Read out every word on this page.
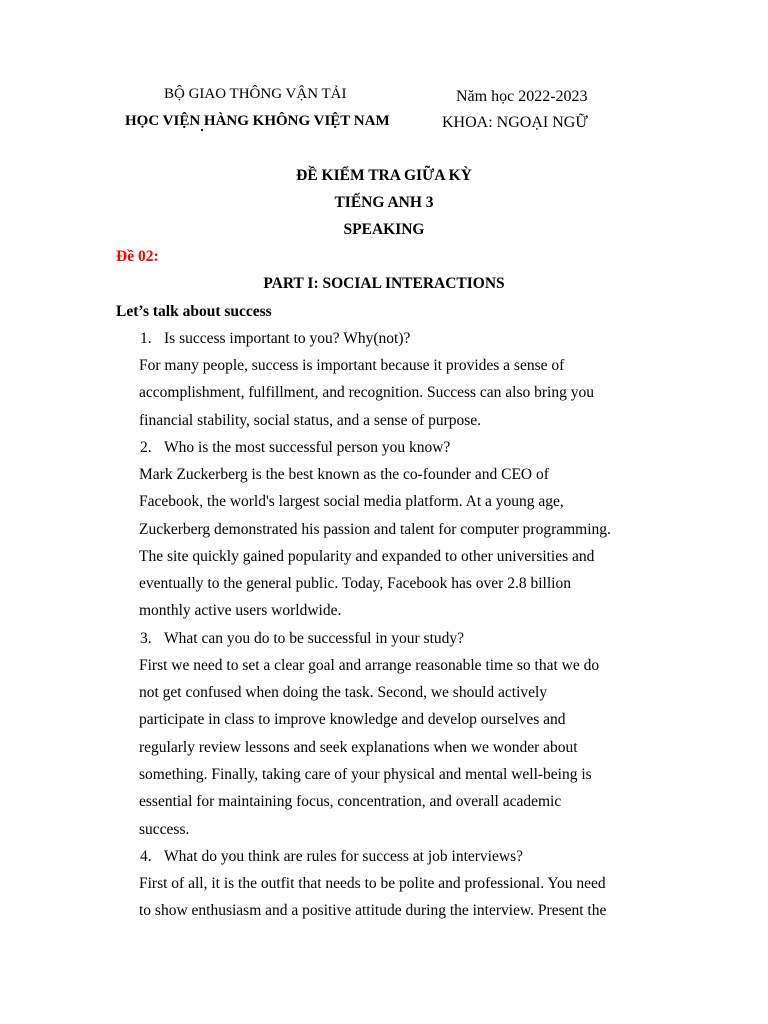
BỘ GIAO THÔNG VẬN TẢI
HỌC VIỆN HÀNG KHÔNG VIỆT NAM
Năm học 2022-2023
KHOA: NGOẠI NGỮ
ĐỀ KIỂM TRA GIỮA KỲ
TIẾNG ANH 3
SPEAKING
Đề 02:
PART I: SOCIAL INTERACTIONS
Let’s talk about success
1. Is success important to you? Why(not)?
For many people, success is important because it provides a sense of
accomplishment, fulfillment, and recognition. Success can also bring you
financial stability, social status, and a sense of purpose.
2. Who is the most successful person you know?
Mark Zuckerberg is the best known as the co-founder and CEO of
Facebook, the world's largest social media platform. At a young age,
Zuckerberg demonstrated his passion and talent for computer programming.
The site quickly gained popularity and expanded to other universities and
eventually to the general public. Today, Facebook has over 2.8 billion
monthly active users worldwide.
3. What can you do to be successful in your study?
First we need to set a clear goal and arrange reasonable time so that we do
not get confused when doing the task. Second, we should actively
participate in class to improve knowledge and develop ourselves and
regularly review lessons and seek explanations when we wonder about
something. Finally, taking care of your physical and mental well-being is
essential for maintaining focus, concentration, and overall academic
success.
4. What do you think are rules for success at job interviews?
First of all, it is the outfit that needs to be polite and professional. You need
to show enthusiasm and a positive attitude during the interview. Present the
